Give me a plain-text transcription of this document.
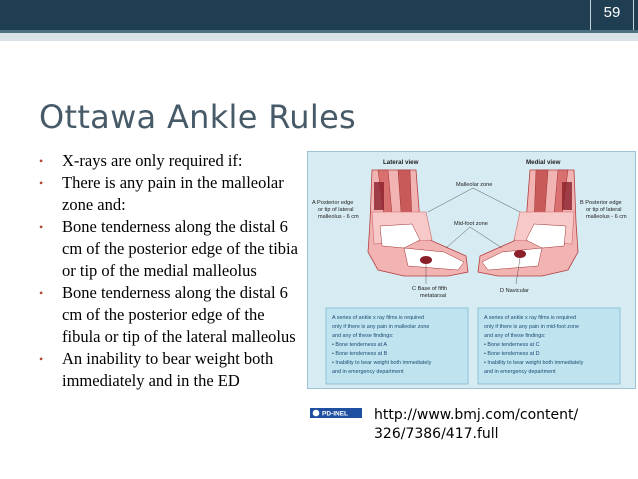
59
Ottawa Ankle Rules
• X-rays are only required if:
• There is any pain in the malleolar zone and:
• Bone tenderness along the distal 6 cm of the posterior edge of the tibia or tip of the medial malleolus
• Bone tenderness along the distal 6 cm of the posterior edge of the fibula or tip of the lateral malleolus
• An inability to bear weight both immediately and in the ED
Lateral view	Medial view
Malleolar zone
Mid-foot zone
A Posterior edge
or tip of lateral
malleolus - 6 cm
B Posterior edge
or tip of lateral
malleolus - 6 cm
C Base of fifth
metatarsal
D Navicular
A series of ankle x ray films is required
only if there is any pain in malleolar zone
and any of these findings:
• Bone tenderness at A
• Bone tenderness at B
• Inability to bear weight both immediately
and in emergency department
A series of ankle x ray films is required
only if there is any pain in mid-foot zone
and any of these findings:
• Bone tenderness at C
• Bone tenderness at D
• Inability to bear weight both immediately
and in emergency department
PD-INEL http://www.bmj.com/content/ 326/7386/417.full
